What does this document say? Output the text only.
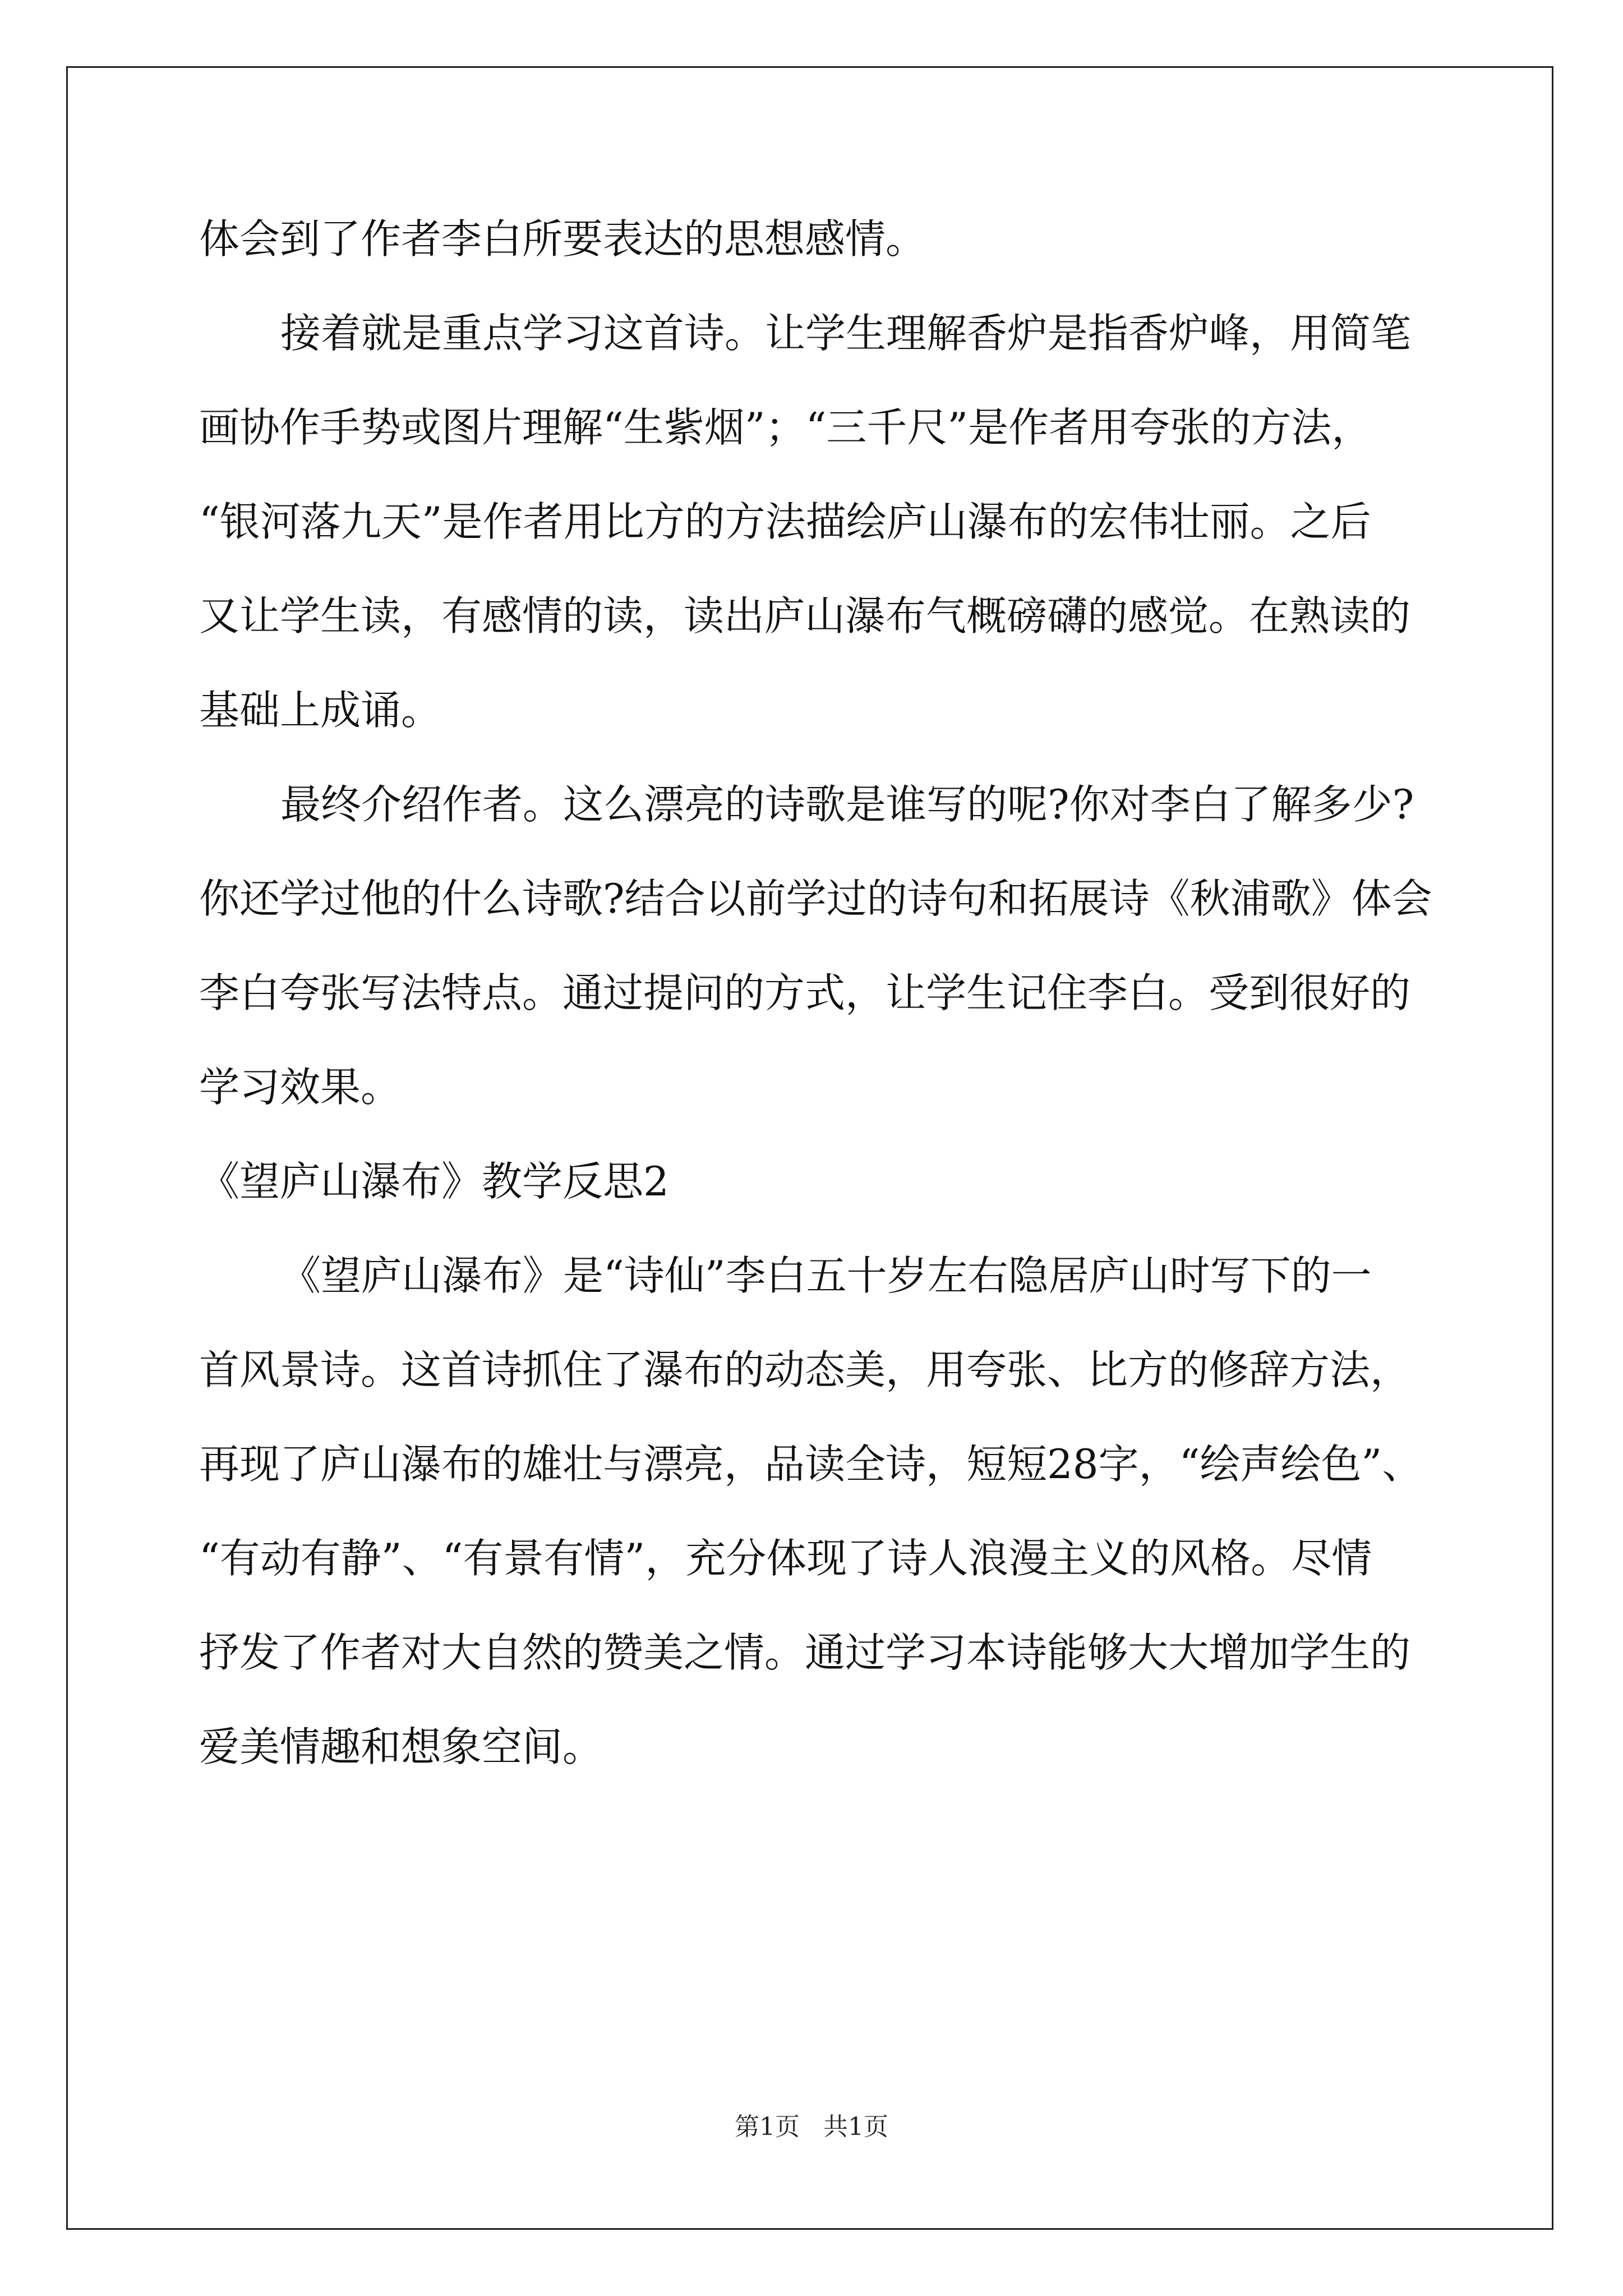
体会到了作者李白所要表达的思想感情。

接着就是重点学习这首诗。让学生理解香炉是指香炉峰，用简笔

画协作手势或图片理解“生紫烟”；“三千尺”是作者用夸张的方法，

“银河落九天”是作者用比方的方法描绘庐山瀑布的宏伟壮丽。之后

又让学生读，有感情的读，读出庐山瀑布气概磅礴的感觉。在熟读的

基础上成诵。

最终介绍作者。这么漂亮的诗歌是谁写的呢?你对李白了解多少?

你还学过他的什么诗歌?结合以前学过的诗句和拓展诗《秋浦歌》体会

李白夸张写法特点。通过提问的方式，让学生记住李白。受到很好的

学习效果。

《望庐山瀑布》教学反思2

《望庐山瀑布》是“诗仙”李白五十岁左右隐居庐山时写下的一

首风景诗。这首诗抓住了瀑布的动态美，用夸张、比方的修辞方法，

再现了庐山瀑布的雄壮与漂亮，品读全诗，短短28字，“绘声绘色”、

“有动有静”、“有景有情”，充分体现了诗人浪漫主义的风格。尽情

抒发了作者对大自然的赞美之情。通过学习本诗能够大大增加学生的

爱美情趣和想象空间。

第1页   共1页
